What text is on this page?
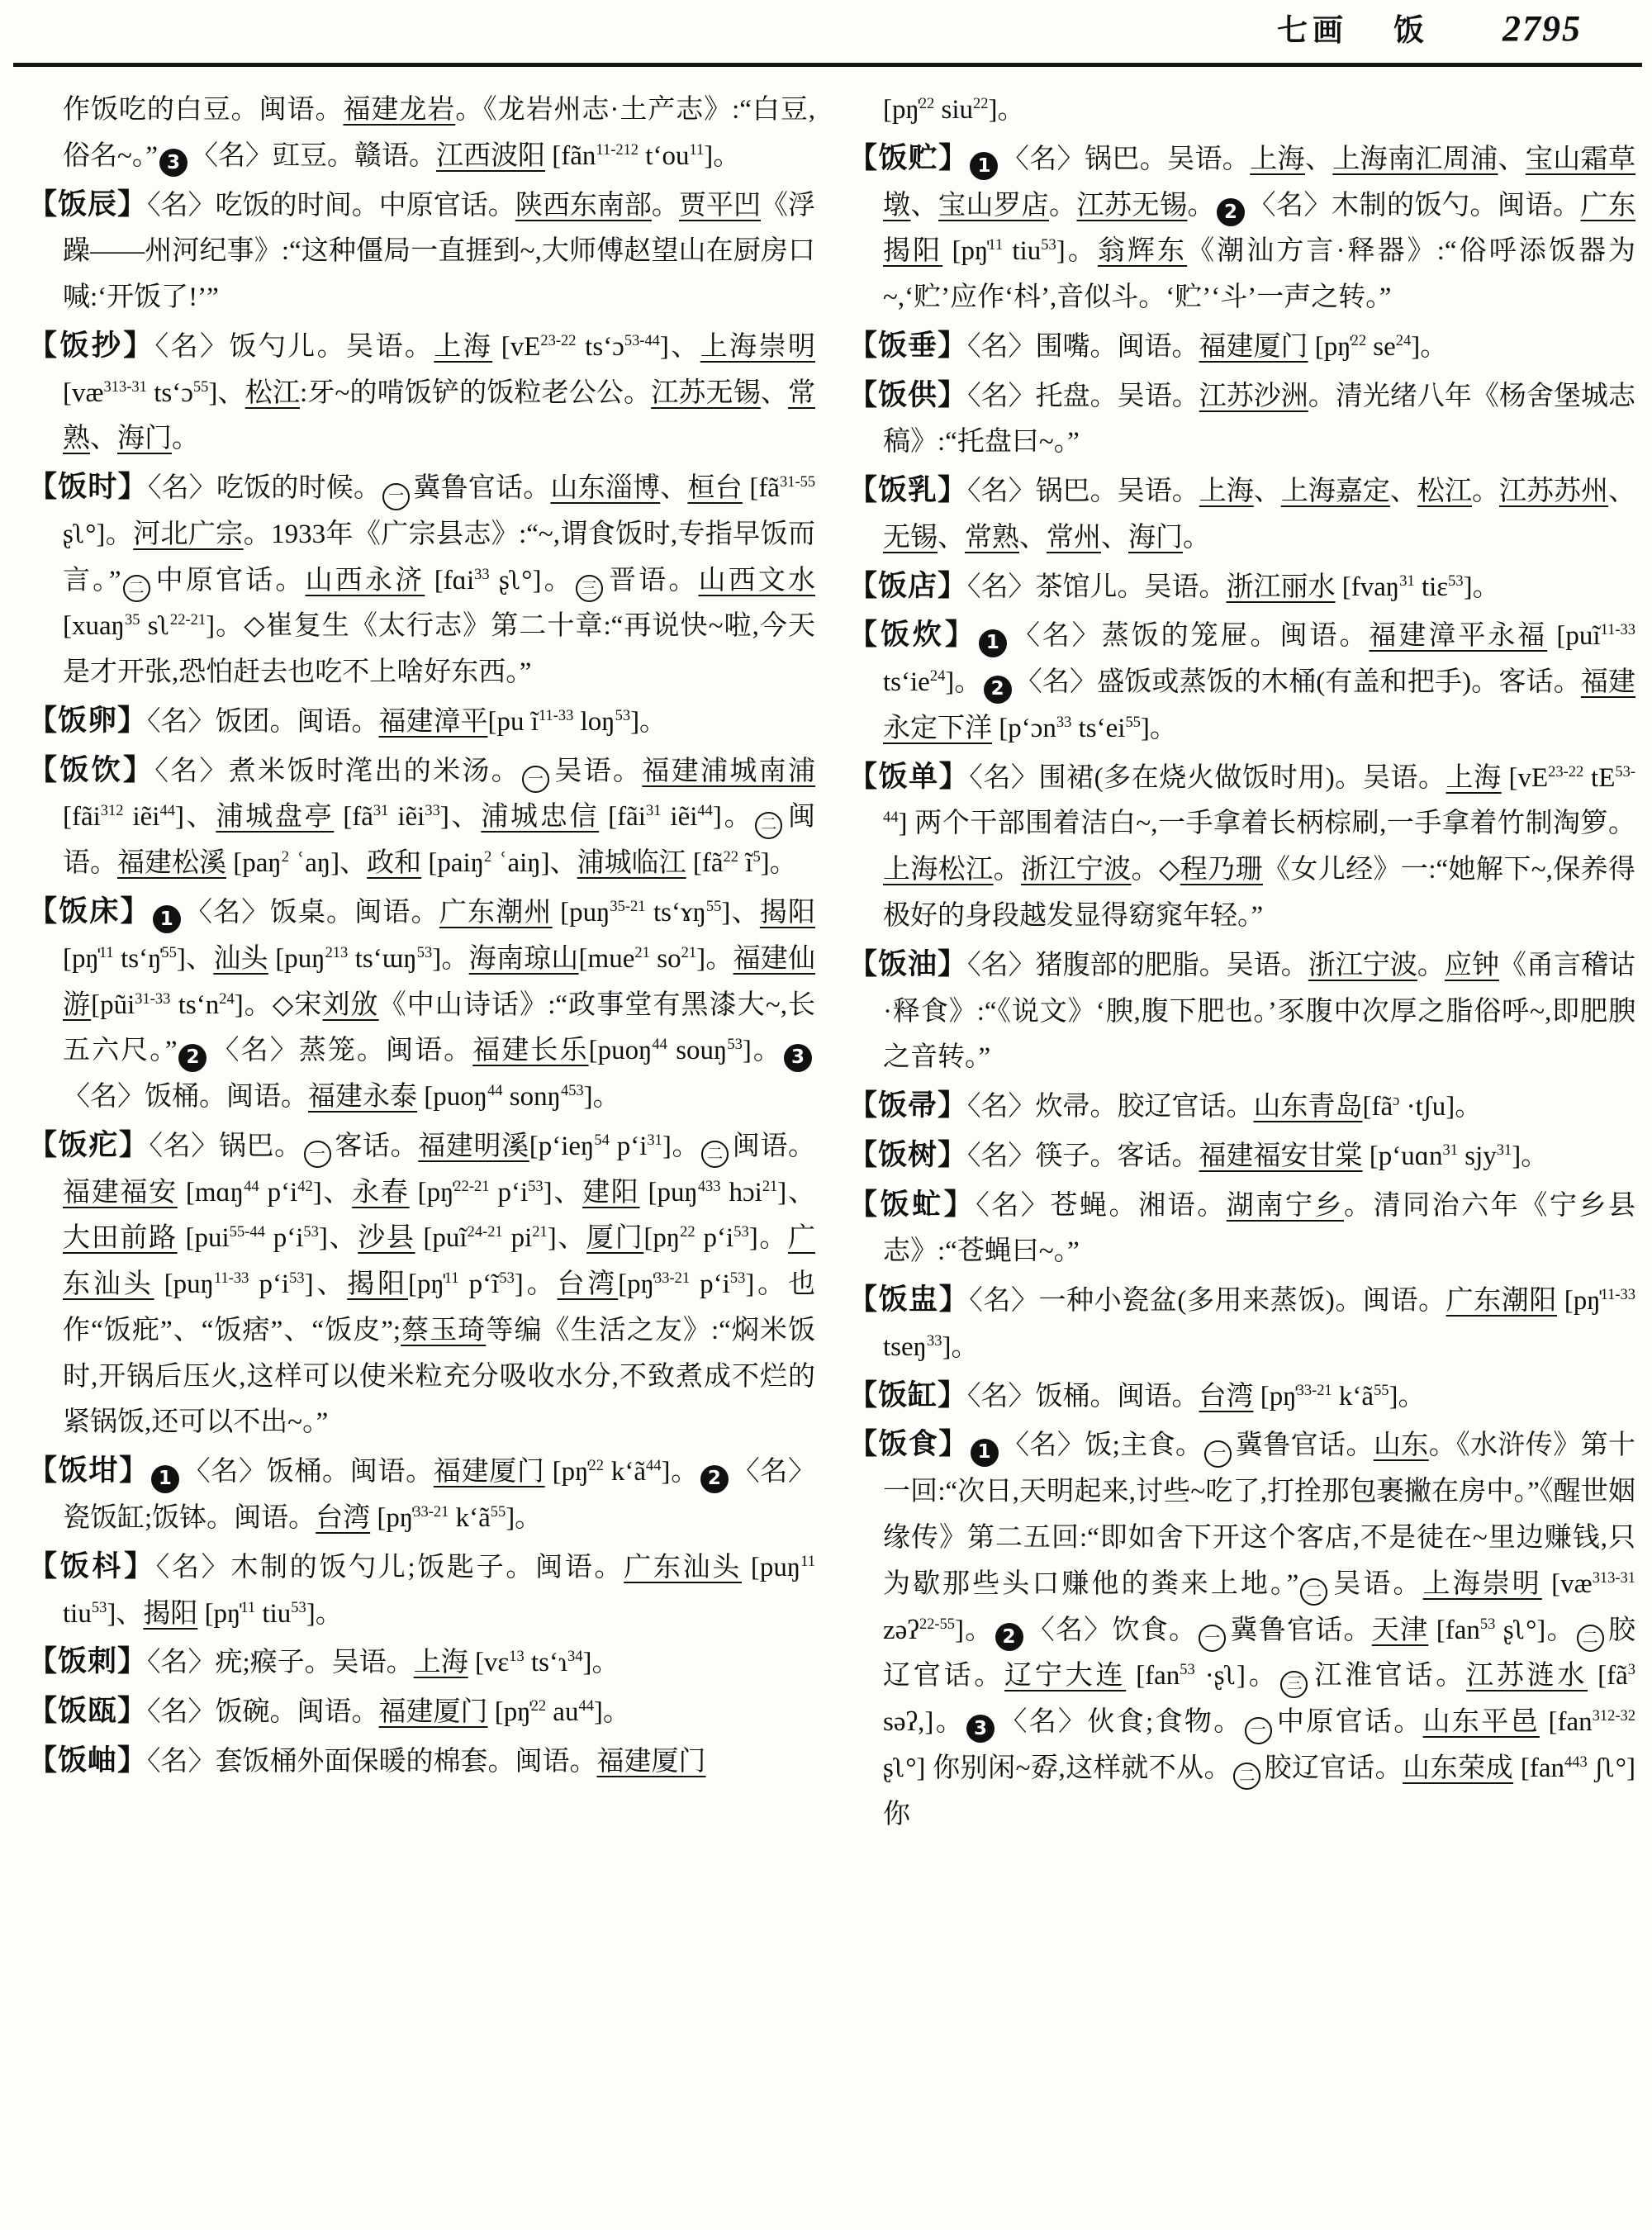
七画 饭 2795

作饭吃的白豆。闽语。福建龙岩。《龙岩州志·土产志》:“白豆,俗名~。” 3 〈名〉豇豆。赣语。江西波阳 [fãn$^{11-212}$ $t‘ou^{11}$]。

【饭辰】〈名〉吃饭的时间。中原官话。陕西东南部。贾平凹《浮躁——州河纪事》:“这种僵局一直捱到~,大师傅赵望山在厨房口喊:‘开饭了!’”

【饭抄】〈名〉饭勺儿。吴语。上海 [$vE^{23-22}$ ts‘ɔ$^{53-44}$]、上海崇明 [$væ^{313-31}$ ts‘ɔ$^{55}$]、松江:牙~的啃饭铲的饭粒老公公。江苏无锡、常熟、海门。

【饭时】〈名〉吃饭的时候。 一 冀鲁官话。山东淄博、桓台 [$fã^{31-55}$ ʂʅ°]。河北广宗。1933年《广宗县志》:“~,谓食饭时,专指早饭而言。” 二 中原官话。山西永济 [fɑi$^{33}$ ʂʅ°]。 三 晋语。山西文水 [xuaŋ$^{35}$ sʅ$^{22-21}$]。◇崔复生《太行志》第二十章:“再说快~啦,今天是才开张,恐怕赶去也吃不上啥好东西。”

【饭卵】〈名〉饭团。闽语。福建漳平[pu $ĩ^{11-33}$ loŋ$^{53}$]。

【饭饮】〈名〉煮米饭时滗出的米汤。 一 吴语。福建浦城南浦 [fãi$^{312}$ iẽi$^{44}$]、浦城盘亭 [$fã^{31}$ iẽi$^{33}$]、浦城忠信 [fãi$^{31}$ iẽi$^{44}$]。 二 闽语。福建松溪 [paŋ$^2$ ʿaŋ]、政和 [paiŋ$^2$ ʿaiŋ]、浦城临江 [$fã^{22}$ $ĩ^5$]。

【饭床】 1 〈名〉饭桌。闽语。广东潮州 [puŋ$^{35-21}$ ts‘ɤŋ$^{55}$]、揭阳 [pŋ̍$^{11}$ ts‘ŋ̍$^{55}$]、汕头 [puŋ$^{213}$ ts‘ɯŋ$^{53}$]。海南琼山[mue$^{21}$ $so^{21}$]。福建仙游[pũi$^{31-33}$ $ts‘n^{24}$]。◇宋刘攽《中山诗话》:“政事堂有黑漆大~,长五六尺。” 2 〈名〉蒸笼。闽语。福建长乐[puoŋ$^{44}$ souŋ$^{53}$]。 3〈名〉饭桶。闽语。福建永泰 [puoŋ$^{44}$ sonŋ$^{453}$]。

【饭疕】〈名〉锅巴。 一 客话。福建明溪[p‘ieŋ$^{54}$ $p‘i^{31}$]。 二 闽语。福建福安 [mɑŋ$^{44}$ $p‘i^{42}$]、永春 [pŋ̍$^{22-21}$ $p‘i^{53}$]、建阳 [puŋ$^{433}$ hɔi$^{21}$]、大田前路 [pui$^{55-44}$ $p‘i^{53}$]、沙县 [puĩ$^{24-21}$ $pi^{21}$]、厦门[$pŋ^{22}$ $p‘i^{53}$]。广东汕头 [puŋ$^{11-33}$ $p‘i^{53}$]、揭阳[pŋ̍$^{11}$ $p‘ĩ^{53}$]。台湾[pŋ̍$^{33-21}$ $p‘i^{53}$]。也作“饭疪”、“饭痞”、“饭皮”;蔡玉琦等编《生活之友》:“焖米饭时,开锅后压火,这样可以使米粒充分吸收水分,不致煮成不烂的紧锅饭,还可以不出~。”

【饭坩】 1 〈名〉饭桶。闽语。福建厦门 [pŋ̍$^{22}$ $k‘ã^{44}$]。 2 〈名〉瓷饭缸;饭钵。闽语。台湾 [pŋ̍$^{33-21}$ $k‘ã^{55}$]。

【饭枓】〈名〉木制的饭勺儿;饭匙子。闽语。广东汕头 [puŋ$^{11}$ tiu$^{53}$]、揭阳 [pŋ̍$^{11}$ tiu$^{53}$]。

【饭刺】〈名〉疣;瘊子。吴语。上海 [vɛ$^{13}$ ts‘ɿ$^{34}$]。

【饭瓯】〈名〉饭碗。闽语。福建厦门 [pŋ̍$^{22}$ $au^{44}$]。

【饭岫】〈名〉套饭桶外面保暖的棉套。闽语。福建厦门

[pŋ̍$^{22}$ siu$^{22}$]。

【饭贮】 1 〈名〉锅巴。吴语。上海、上海南汇周浦、宝山霜草墩、宝山罗店。江苏无锡。 2 〈名〉木制的饭勺。闽语。广东揭阳 [pŋ̍$^{11}$ tiu$^{53}$]。翁辉东《潮汕方言·释器》:“俗呼添饭器为~,‘贮’应作‘枓’,音似斗。‘贮’‘斗’一声之转。”

【饭垂】〈名〉围嘴。闽语。福建厦门 [pŋ̍$^{22}$ $se^{24}$]。

【饭供】〈名〉托盘。吴语。江苏沙洲。清光绪八年《杨舍堡城志稿》:“托盘曰~。”

【饭乳】〈名〉锅巴。吴语。上海、上海嘉定、松江。江苏苏州、无锡、常熟、常州、海门。

【饭店】〈名〉茶馆儿。吴语。浙江丽水 [fvaŋ$^{31}$ tiɛ$^{53}$]。

【饭炊】 1 〈名〉蒸饭的笼屉。闽语。福建漳平永福 [puĩ$^{11-33}$ $ts‘ie^{24}$]。 2 〈名〉盛饭或蒸饭的木桶(有盖和把手)。客话。福建永定下洋 [p‘ɔn$^{33}$ $ts‘ei^{55}$]。

【饭单】〈名〉围裙(多在烧火做饭时用)。吴语。上海 [$vE^{23-22}$ $tE^{53-44}$] 两个干部围着洁白~,一手拿着长柄棕刷,一手拿着竹制淘箩。上海松江。浙江宁波。◇程乃珊《女儿经》一:“她解下~,保养得极好的身段越发显得窈窕年轻。”

【饭油】〈名〉猪腹部的肥脂。吴语。浙江宁波。应钟《甬言稽诂·释食》:“《说文》‘腴,腹下肥也。’豕腹中次厚之脂俗呼~,即肥腴之音转。”

【饭帚】〈名〉炊帚。胶辽官话。山东青岛[$fã^ɔ$ ·tʃu]。

【饭树】〈名〉筷子。客话。福建福安甘棠 [p‘uɑn$^{31}$ sjy$^{31}$]。

【饭虻】〈名〉苍蝇。湘语。湖南宁乡。清同治六年《宁乡县志》:“苍蝇曰~。”

【饭盅】〈名〉一种小瓷盆(多用来蒸饭)。闽语。广东潮阳 [pŋ̍$^{11-33}$ tseŋ$^{33}$]。

【饭缸】〈名〉饭桶。闽语。台湾 [pŋ̍$^{33-21}$ $k‘ã^{55}$]。

【饭食】 1 〈名〉饭;主食。 一 冀鲁官话。山东。《水浒传》第十一回:“次日,天明起来,讨些~吃了,打拴那包裹撇在房中。”《醒世姻缘传》第二五回:“即如舍下开这个客店,不是徒在~里边赚钱,只为歇那些头口赚他的粪来上地。” 二 吴语。上海崇明 [$væ^{313-31}$ zəʔ$^{22-55}$]。 2 〈名〉饮食。 一 冀鲁官话。天津 [fan$^{53}$ ʂʅ°]。 二 胶辽官话。辽宁大连 [fan$^{53}$ ·ʂʅ]。 三 江淮官话。江苏涟水 [$fã^3$ səʔ,]。 3 〈名〉伙食;食物。 一 中原官话。山东平邑 [fan$^{312-32}$ ʂʅ°] 你别闲~孬,这样就不从。 二 胶辽官话。山东荣成 [fan$^{443}$ ʃʅ°]你
